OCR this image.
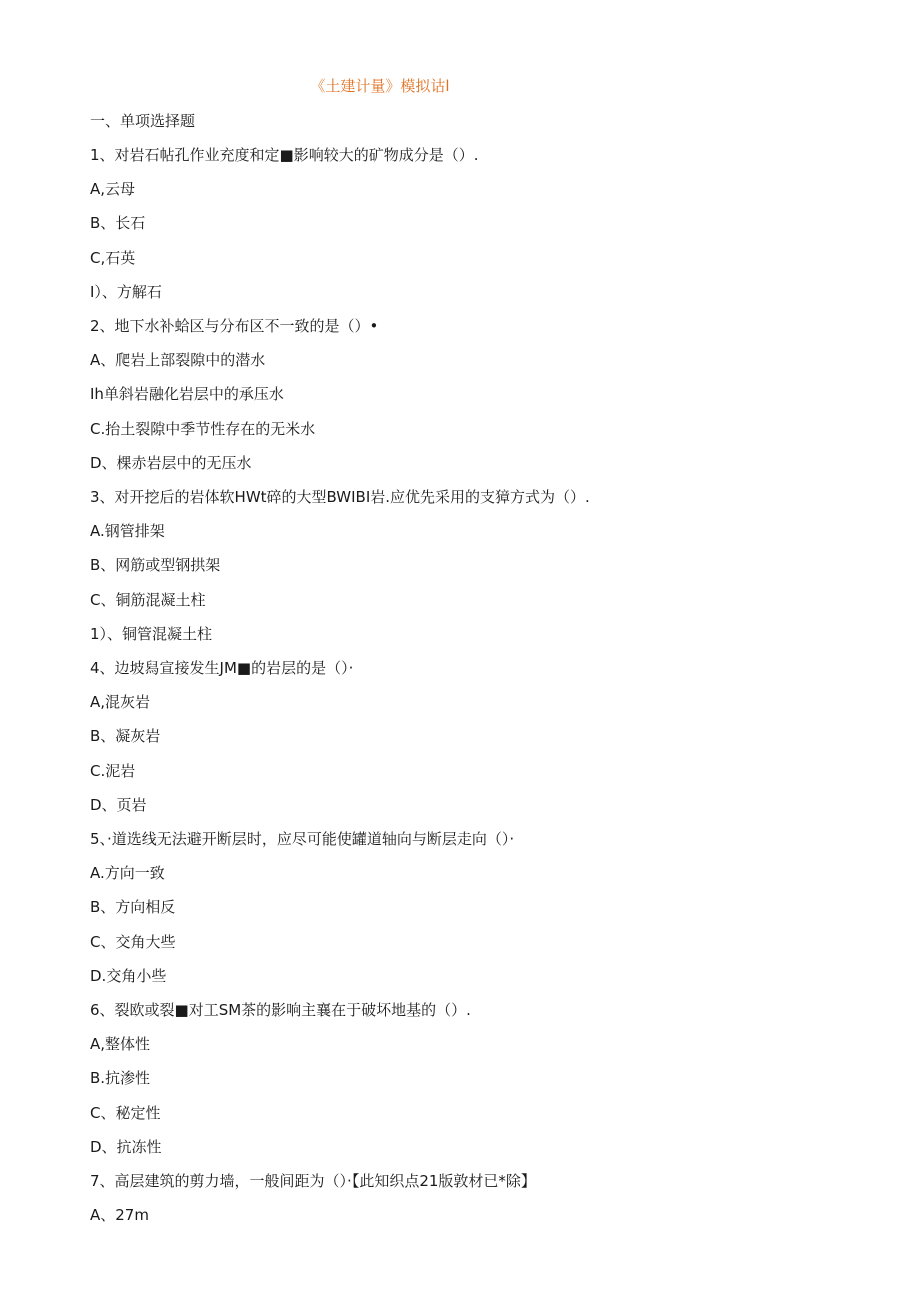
《土建计量》模拟诂l
一、单项选择题
1、对岩石帖孔作业充度和定■影响较大的矿物成分是（）.
A,云母
B、长石
C,石英
I）、方解石
2、地下水补蛤区与分布区不一致的是（）•
A、爬岩上部裂隙中的潜水
Ih单斜岩融化岩层中的承压水
C.抬土裂隙中季节性存在的无米水
D、棵赤岩层中的无压水
3、对开挖后的岩体软HWt碎的大型BWIBI岩.应优先采用的支獐方式为（）.
A.钢管排架
B、网筋或型钢拱架
C、铜筋混凝土柱
1）、铜管混凝土柱
4、边坡舄宣接发生JM■的岩层的是（）·
A,混灰岩
B、凝灰岩
C.泥岩
D、页岩
5、·道选线无法避开断层时，应尽可能使罐道轴向与断层走向（）·
A.方向一致
B、方向相反
C、交角大些
D.交角小些
6、裂欧或裂■对工SM茶的影响主襄在于破坏地基的（）.
A,整体性
B.抗渗性
C、秘定性
D、抗冻性
7、高层建筑的剪力墙，一般间距为（）·【此知织点21版敦材已*除】
A、27m
